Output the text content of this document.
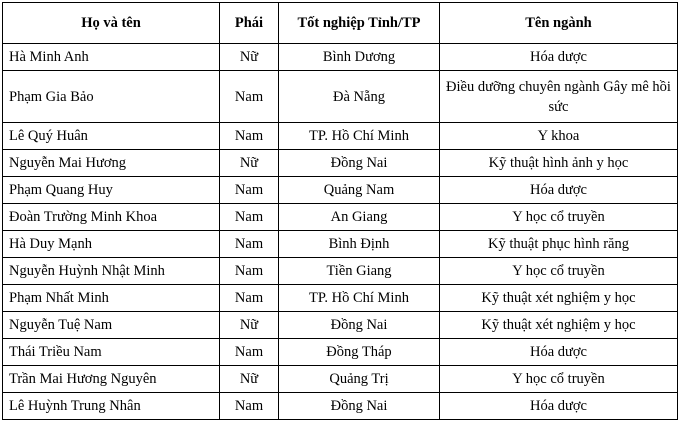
Họ và tên	Phái	Tốt nghiệp Tỉnh/TP	Tên ngành
Hà Minh Anh	Nữ	Bình Dương	Hóa dược
Phạm Gia Bảo	Nam	Đà Nẵng	Điều dưỡng chuyên ngành Gây mê hồi sức
Lê Quý Huân	Nam	TP. Hồ Chí Minh	Y khoa
Nguyễn Mai Hương	Nữ	Đồng Nai	Kỹ thuật hình ảnh y học
Phạm Quang Huy	Nam	Quảng Nam	Hóa dược
Đoàn Trường Minh Khoa	Nam	An Giang	Y học cổ truyền
Hà Duy Mạnh	Nam	Bình Định	Kỹ thuật phục hình răng
Nguyễn Huỳnh Nhật Minh	Nam	Tiền Giang	Y học cổ truyền
Phạm Nhất Minh	Nam	TP. Hồ Chí Minh	Kỹ thuật xét nghiệm y học
Nguyễn Tuệ Nam	Nữ	Đồng Nai	Kỹ thuật xét nghiệm y học
Thái Triều Nam	Nam	Đồng Tháp	Hóa dược
Trần Mai Hương Nguyên	Nữ	Quảng Trị	Y học cổ truyền
Lê Huỳnh Trung Nhân	Nam	Đồng Nai	Hóa dược
